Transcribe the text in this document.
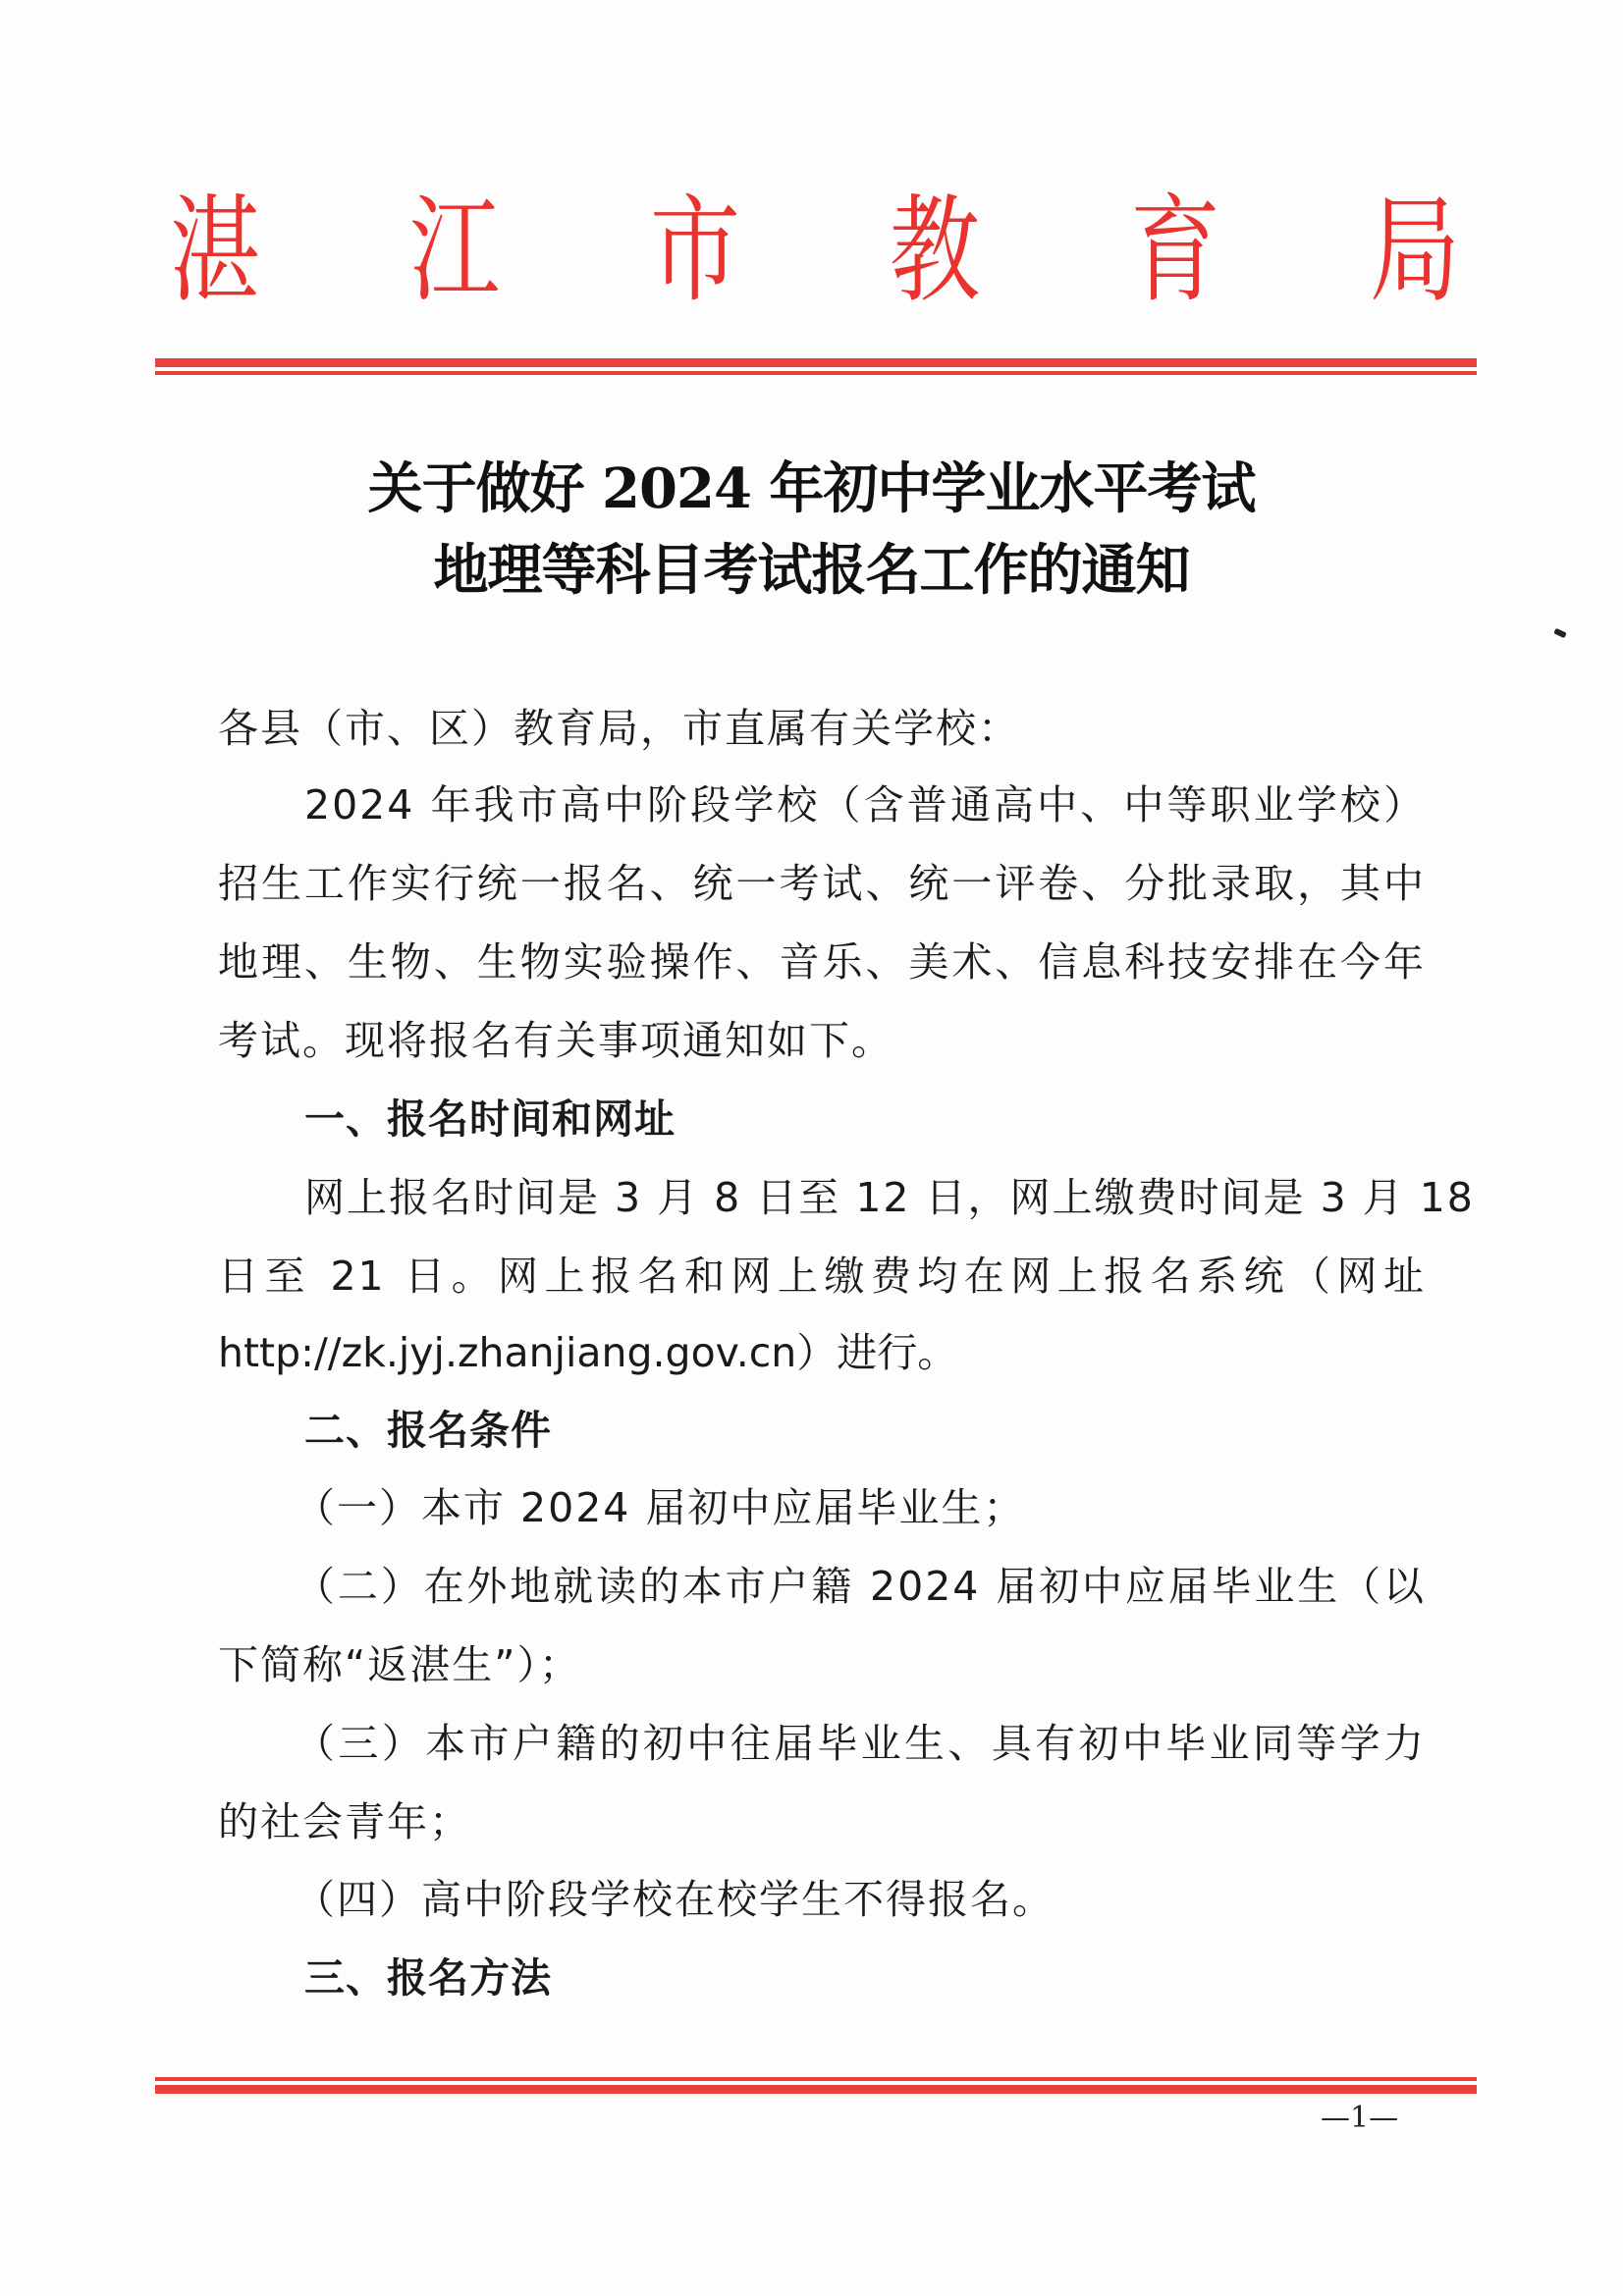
湛 江 市 教 育 局
关于做好 2024 年初中学业水平考试
地理等科目考试报名工作的通知
各县（市、区）教育局，市直属有关学校：
2024 年我市高中阶段学校（含普通高中、中等职业学校）
招生工作实行统一报名、统一考试、统一评卷、分批录取，其中
地理、生物、生物实验操作、音乐、美术、信息科技安排在今年
考试。现将报名有关事项通知如下。
一、报名时间和网址
网上报名时间是 3 月 8 日至 12 日，网上缴费时间是 3 月 18
日至 21 日。网上报名和网上缴费均在网上报名系统（网址
http://zk.jyj.zhanjiang.gov.cn）进行。
二、报名条件
（一）本市 2024 届初中应届毕业生；
（二）在外地就读的本市户籍 2024 届初中应届毕业生（以
下简称“返湛生”）；
（三）本市户籍的初中往届毕业生、具有初中毕业同等学力
的社会青年；
（四）高中阶段学校在校学生不得报名。
三、报名方法
—1—
